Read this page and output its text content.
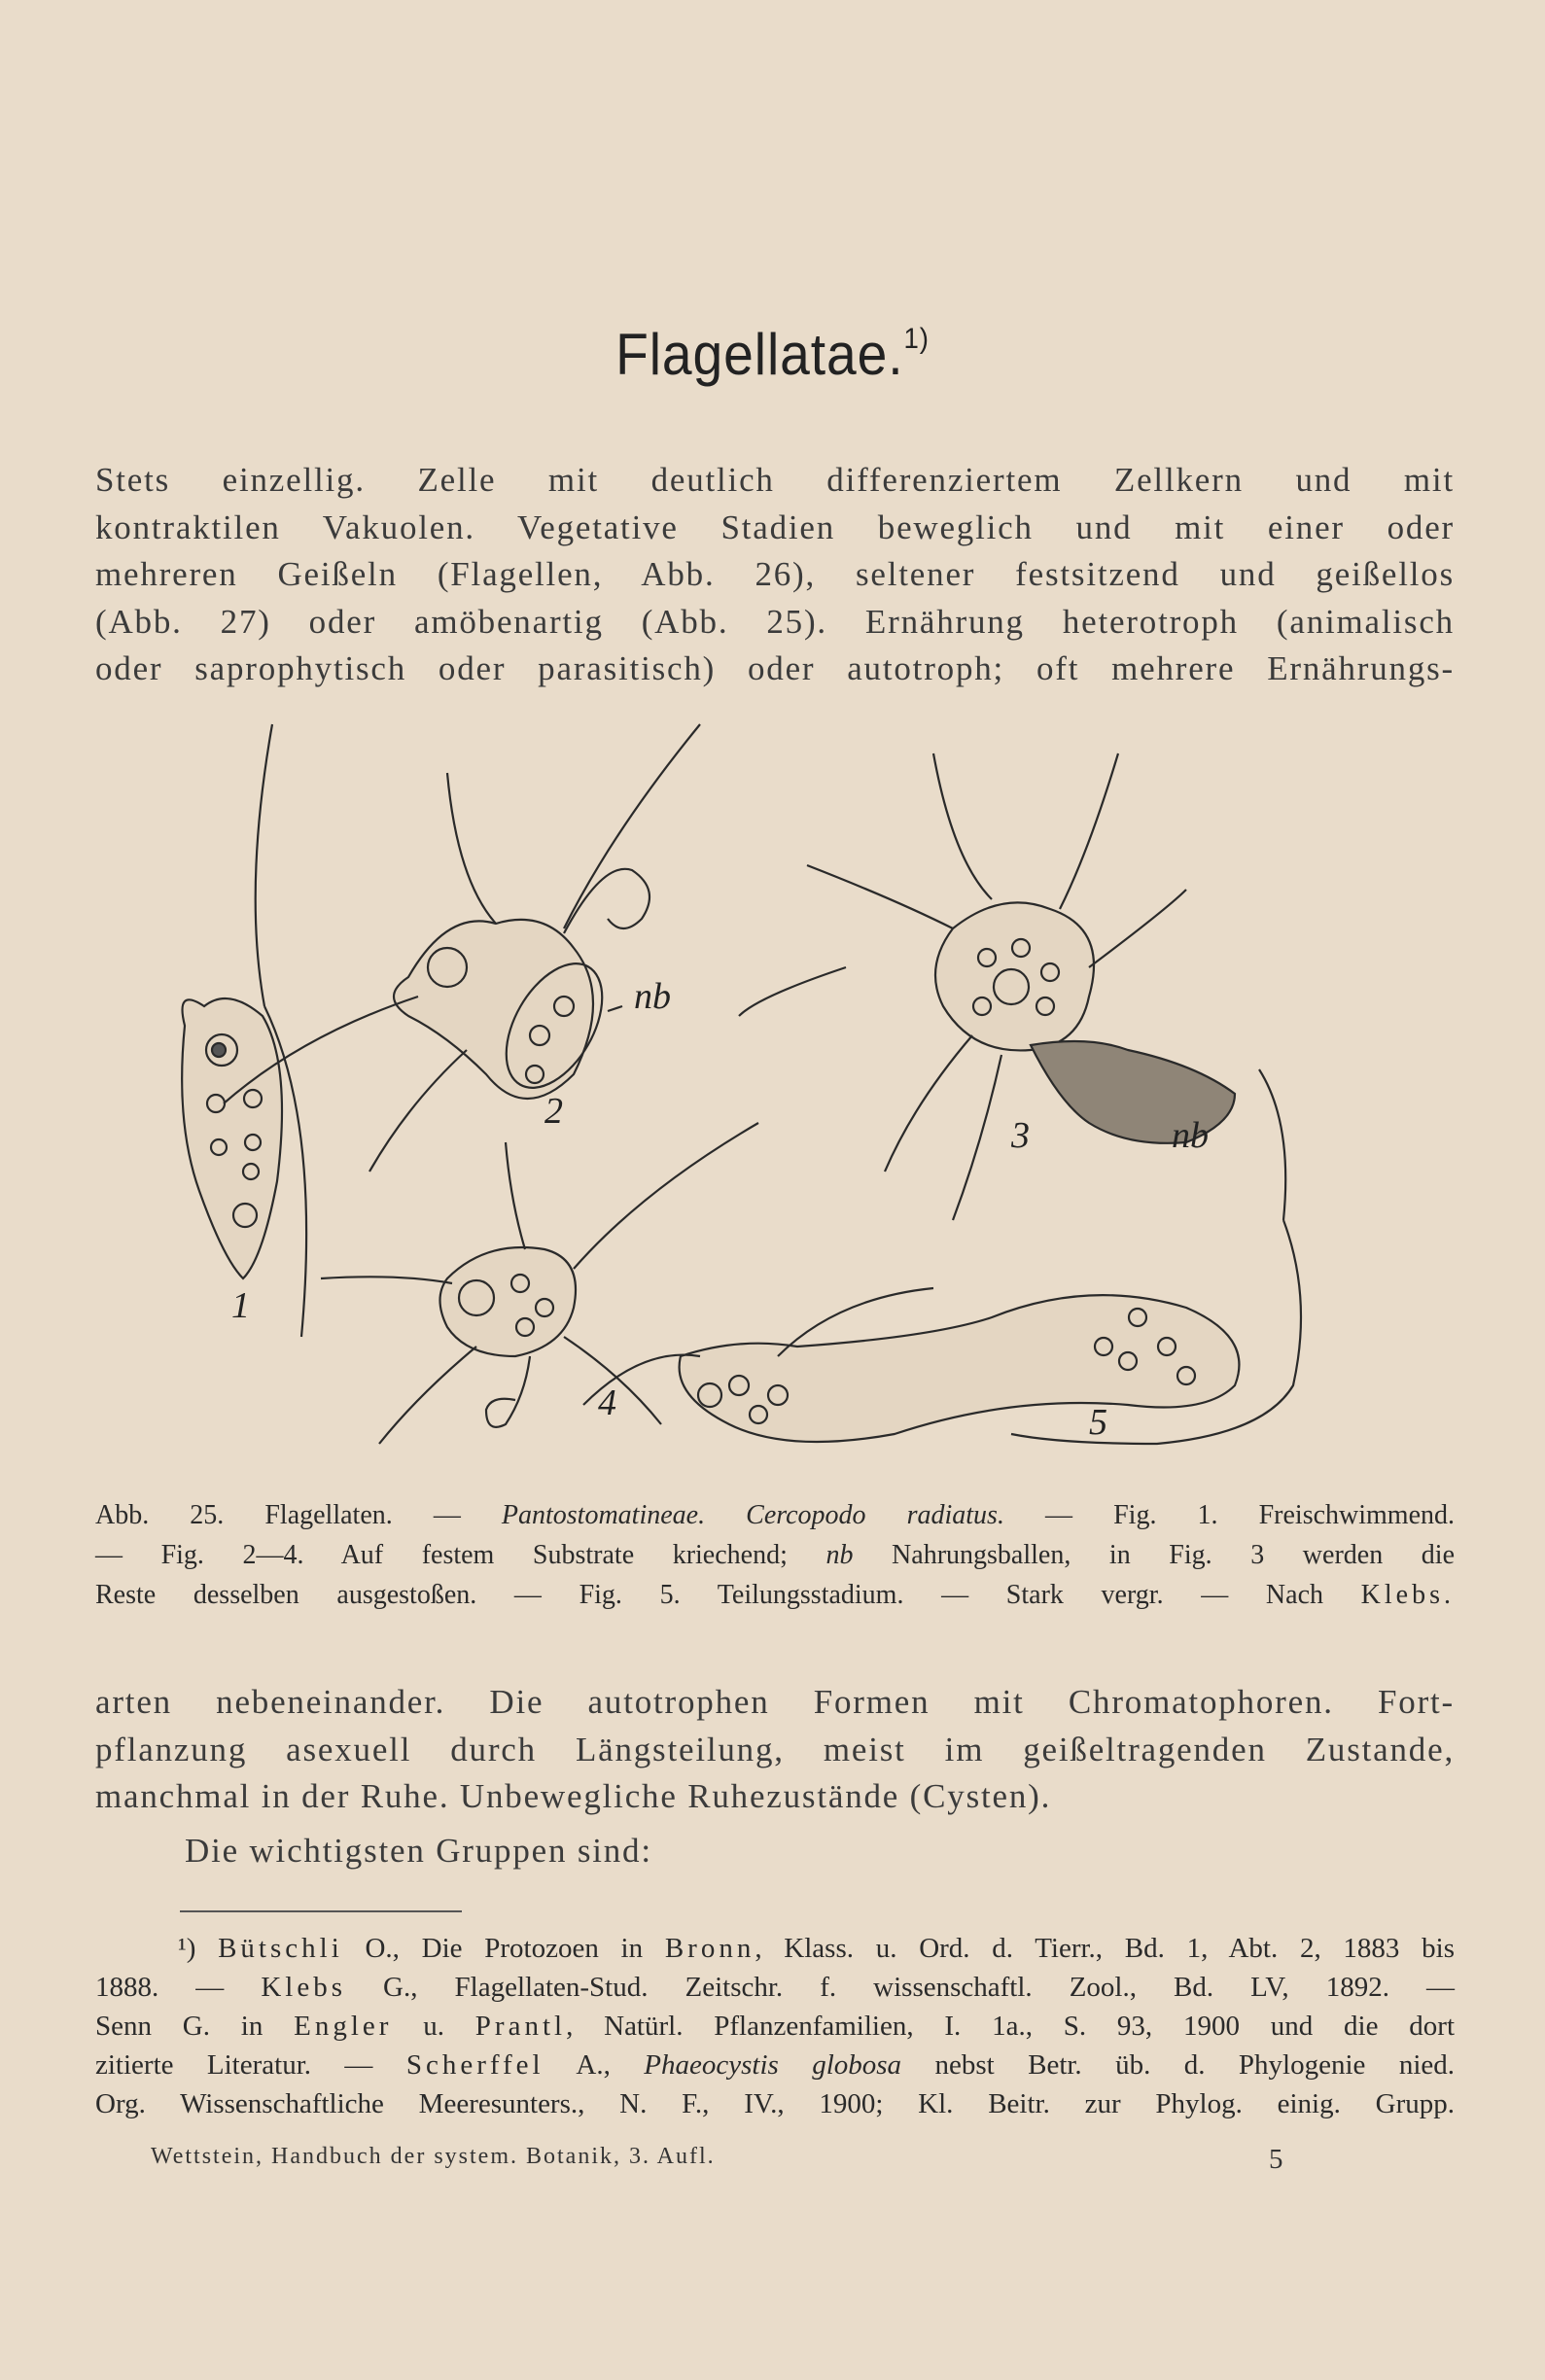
Flagellatae.$^{1)}$
Stets einzellig. Zelle mit deutlich differenziertem Zellkern und mit
kontraktilen Vakuolen. Vegetative Stadien beweglich und mit einer oder
mehreren Geißeln (Flagellen, Abb. 26), seltener festsitzend und geißellos
(Abb. 27) oder amöbenartig (Abb. 25). Ernährung heterotroph (animalisch
oder saprophytisch oder parasitisch) oder autotroph; oft mehrere Ernährungs-
1
2
3
4	5
nb
nb
Abb. 25. Flagellaten. — Pantostomatineae. Cercopodo radiatus. — Fig. 1. Freischwimmend.
— Fig. 2—4. Auf festem Substrate kriechend; nb Nahrungsballen, in Fig. 3 werden die
Reste desselben ausgestoßen. — Fig. 5. Teilungsstadium. — Stark vergr. — Nach Klebs.
arten nebeneinander. Die autotrophen Formen mit Chromatophoren. Fort-
pflanzung asexuell durch Längsteilung, meist im geißeltragenden Zustande,
manchmal in der Ruhe. Unbewegliche Ruhezustände (Cysten).
Die wichtigsten Gruppen sind:
¹) Bütschli O., Die Protozoen in Bronn, Klass. u. Ord. d. Tierr., Bd. 1, Abt. 2, 1883 bis
1888. — Klebs G., Flagellaten-Stud. Zeitschr. f. wissenschaftl. Zool., Bd. LV, 1892. —
Senn G. in Engler u. Prantl, Natürl. Pflanzenfamilien, I. 1a., S. 93, 1900 und die dort
zitierte Literatur. — Scherffel A., Phaeocystis globosa nebst Betr. üb. d. Phylogenie nied.
Org. Wissenschaftliche Meeresunters., N. F., IV., 1900; Kl. Beitr. zur Phylog. einig. Grupp.
Wettstein, Handbuch der system. Botanik, 3. Aufl.	5
